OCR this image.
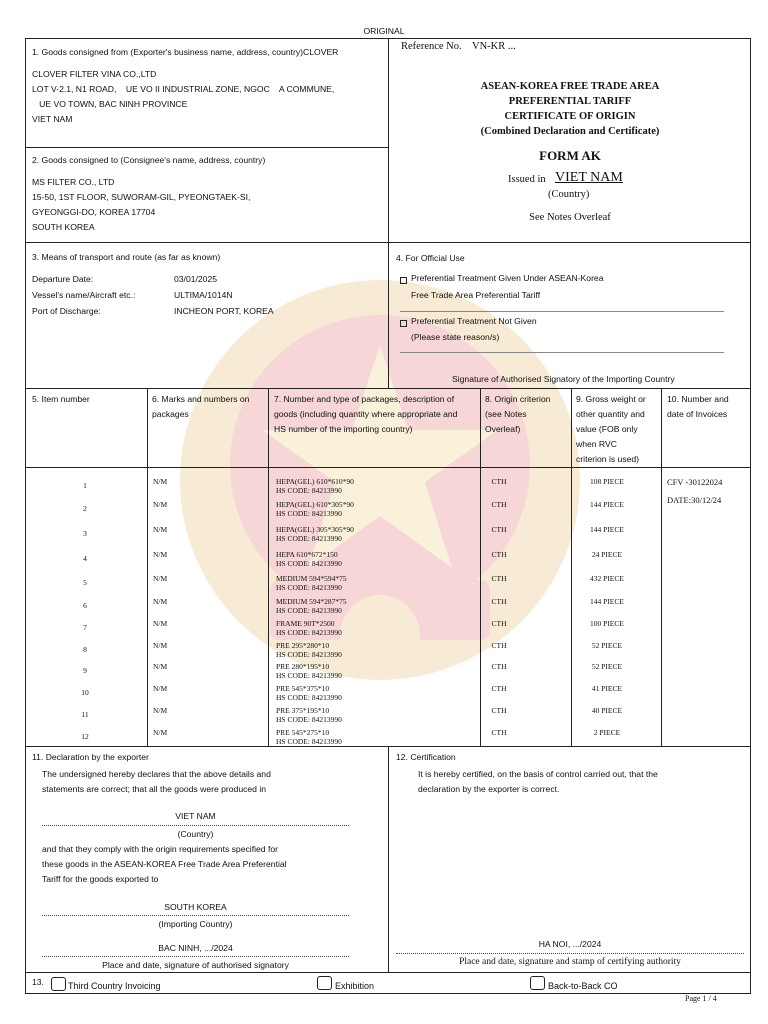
ORIGINAL
1. Goods consigned from (Exporter's business name, address, country)CLOVER
CLOVER FILTER VINA CO.,LTD
LOT V-2.1, N1 ROAD,    UE VO II INDUSTRIAL ZONE, NGOC    A COMMUNE,
UE VO TOWN, BAC NINH PROVINCE
VIET NAM
2. Goods consigned to (Consignee's name, address, country)
MS FILTER CO., LTD
15-50, 1ST FLOOR, SUWORAM-GIL, PYEONGTAEK-SI,
GYEONGGI-DO, KOREA 17704
SOUTH KOREA
Reference No. VN-KR ...
ASEAN-KOREA FREE TRADE AREA
PREFERENTIAL TARIFF
CERTIFICATE OF ORIGIN
(Combined Declaration and Certificate)
FORM AK
Issued in VIET NAM
(Country)
See Notes Overleaf
3. Means of transport and route (as far as known)
Departure Date:	03/01/2025
Vessel's name/Aircraft etc.:	ULTIMA/1014N
Port of Discharge:	INCHEON PORT, KOREA
4. For Official Use
Preferential Treatment Given Under ASEAN-Korea
Free Trade Area Preferential Tariff
Preferential Treatment Not Given
(Please state reason/s)
Signature of Authorised Signatory of the Importing Country
5. Item number	6. Marks and numbers on
packages
7. Number and type of packages, description of
goods (including quantity where appropriate and
HS number of the importing country)
8. Origin criterion
(see Notes
Overleaf)
9. Gross weight or
other quantity and
value (FOB only
when RVC
criterion is used)
10. Number and
date of Invoices
1	N/M	HEPA(GEL) 610*610*90
HS CODE: 84213990
CTH	108 PIECE
2	N/M	HEPA(GEL) 610*305*90
HS CODE: 84213990
CTH	144 PIECE
3	N/M	HEPA(GEL) 305*305*90
HS CODE: 84213990
CTH	144 PIECE
4	N/M	HEPA 610*672*150
HS CODE: 84213990
CTH	24 PIECE
5	N/M	MEDIUM 594*594*75
HS CODE: 84213990
CTH	432 PIECE
6	N/M	MEDIUM 594*287*75
HS CODE: 84213990
CTH	144 PIECE
7	N/M	FRAME 90T*2500
HS CODE: 84213990
CTH	100 PIECE
8	N/M	PRE 295*280*10
HS CODE: 84213990
CTH	52 PIECE
9	N/M	PRE 280*195*10
HS CODE: 84213990
CTH	52 PIECE
10	N/M	PRE 545*375*10
HS CODE: 84213990
CTH	41 PIECE
11	N/M	PRE 375*195*10
HS CODE: 84213990
CTH	40 PIECE
12	N/M	PRE 545*275*10
HS CODE: 84213990
CTH	2 PIECE
CFV -30122024
DATE:30/12/24
11. Declaration by the exporter
The undersigned hereby declares that the above details and
statements are correct; that all the goods were produced in
VIET NAM
(Country)
and that they comply with the origin requirements specified for
these goods in the ASEAN-KOREA Free Trade Area Preferential
Tariff for the goods exported to
SOUTH KOREA
(Importing Country)
BAC NINH, .../2024
Place and date, signature of authorised signatory
12. Certification
It is hereby certified, on the basis of control carried out, that the
declaration by the exporter is correct.
HA NOI, .../2024
Place and date, signature and stamp of certifying authority
13.	Third Country Invoicing	Exhibition	Back-to-Back CO
Page 1 / 4
